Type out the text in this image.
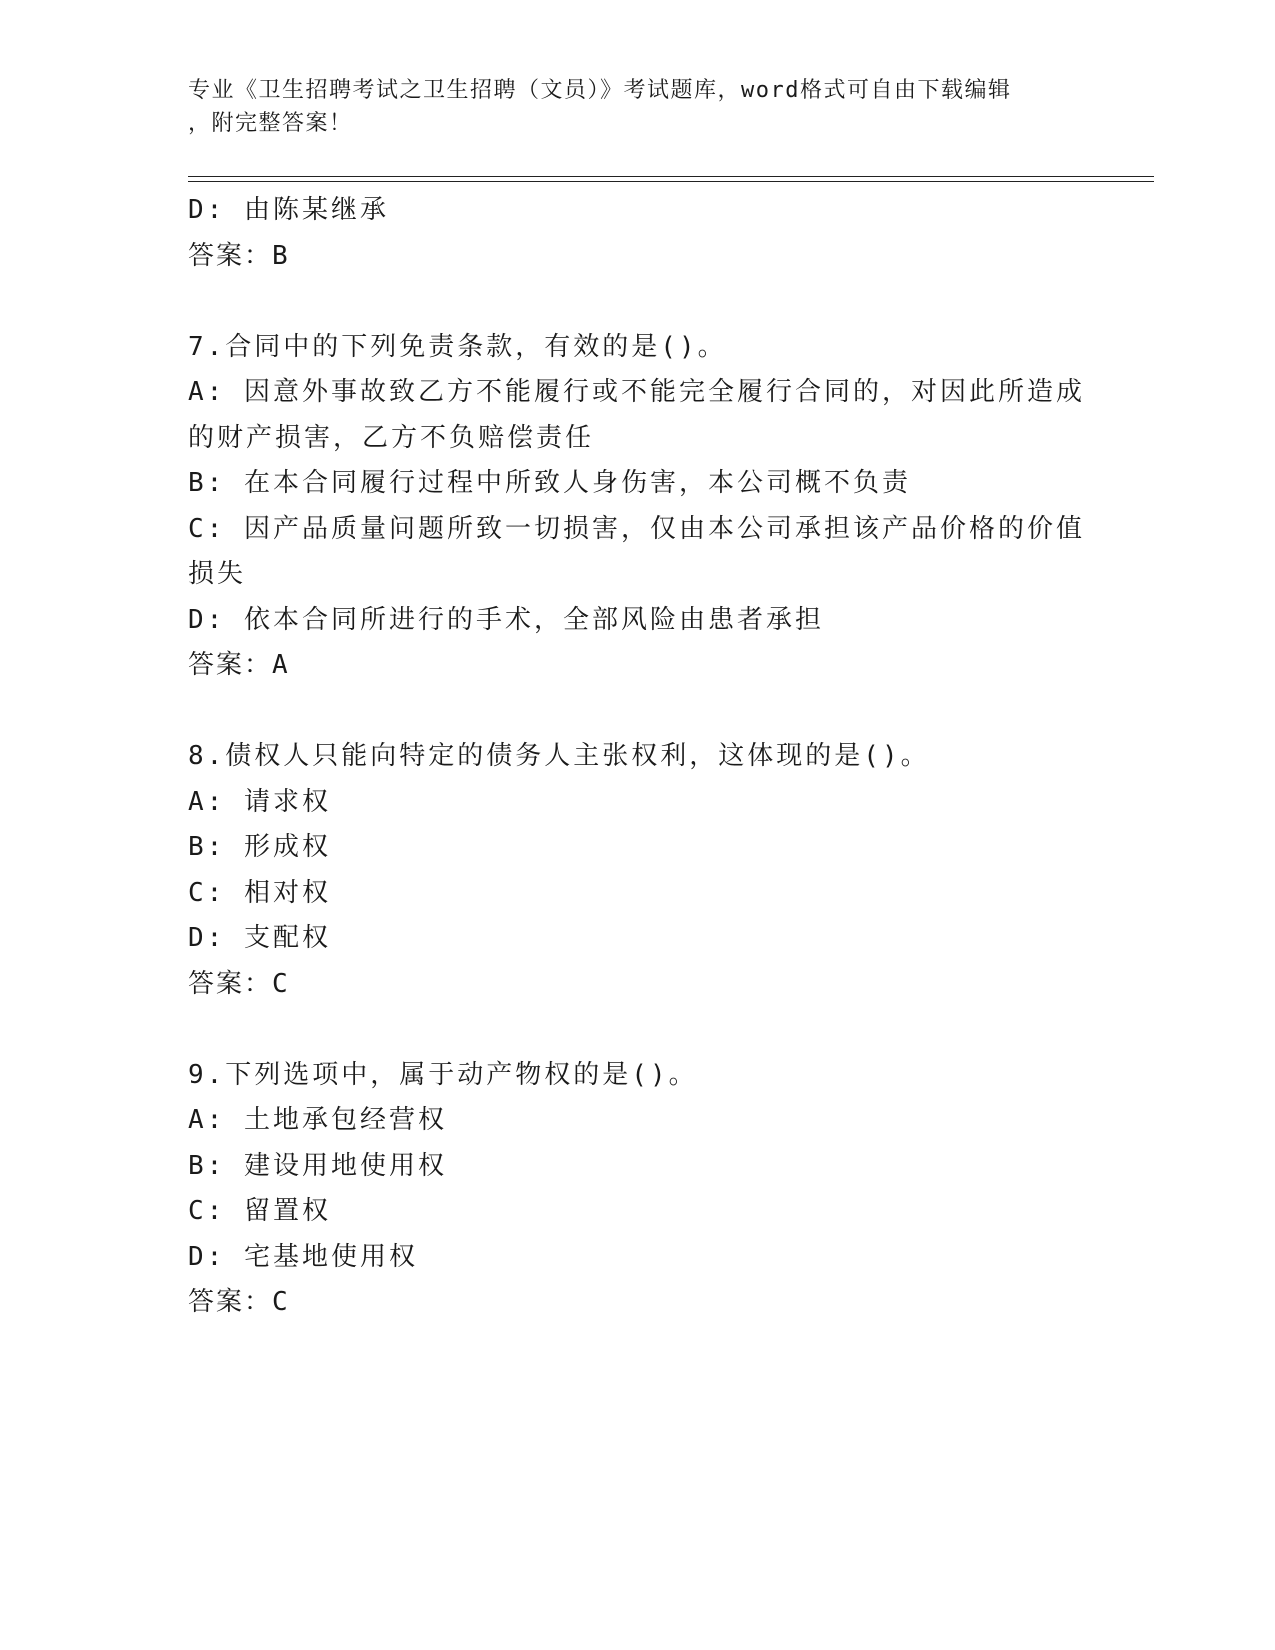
专业《卫生招聘考试之卫生招聘（文员）》考试题库，word格式可自由下载编辑
，附完整答案！
D: 由陈某继承
答案：B
7.合同中的下列免责条款，有效的是()。
A: 因意外事故致乙方不能履行或不能完全履行合同的，对因此所造成
的财产损害，乙方不负赔偿责任
B: 在本合同履行过程中所致人身伤害，本公司概不负责
C: 因产品质量问题所致一切损害，仅由本公司承担该产品价格的价值
损失
D: 依本合同所进行的手术，全部风险由患者承担
答案：A
8.债权人只能向特定的债务人主张权利，这体现的是()。
A: 请求权
B: 形成权
C: 相对权
D: 支配权
答案：C
9.下列选项中，属于动产物权的是()。
A: 土地承包经营权
B: 建设用地使用权
C: 留置权
D: 宅基地使用权
答案：C
